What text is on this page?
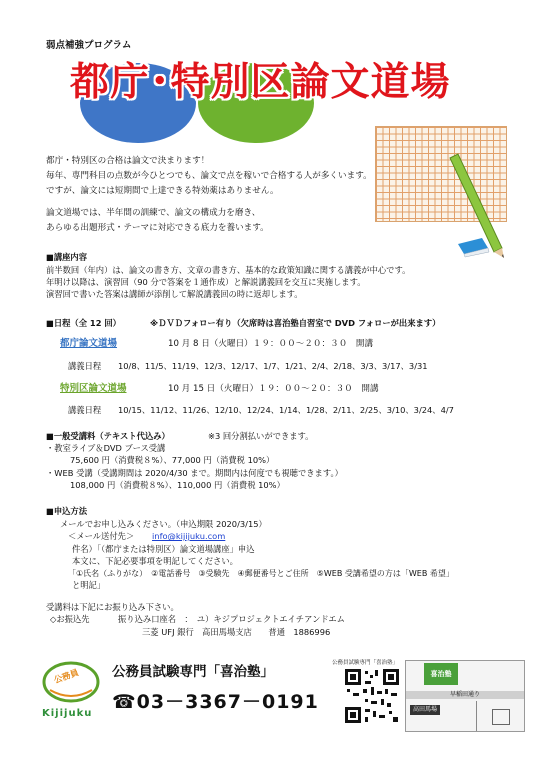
弱点補強プログラム
都庁･特別区論文道場
都庁・特別区の合格は論文で決まります！
毎年、専門科目の点数が今ひとつでも、論文で点を稼いで合格する人が多くいます。
ですが、論文には短期間で上達できる特効薬はありません。
論文道場では、半年間の訓練で、論文の構成力を磨き、
あらゆる出題形式・テーマに対応できる底力を養います。
■講座内容
前半数回（年内）は、論文の書き方、文章の書き方、基本的な政策知識に関する講義が中心です。
年明け以降は、演習回（90 分で答案を１通作成）と解説講義回を交互に実施します。
演習回で書いた答案は講師が添削して解説講義回の時に返却します。
■日程（全 12 回）	※ＤＶＤフォロー有り（欠席時は喜治塾自習室で DVD フォローが出来ます）
都庁論文道場	10 月 8 日（火曜日）１９：００～２０：３０　開講
講義日程 10/8、11/5、11/19、12/3、12/17、1/7、1/21、2/4、2/18、3/3、3/17、3/31
特別区論文道場	10 月 15 日（火曜日）１９：００～２０：３０　開講
講義日程 10/15、11/12、11/26、12/10、12/24、1/14、1/28、2/11、2/25、3/10、3/24、4/7
■一般受講料（テキスト代込み）	※3 回分割払いができます。
・教室ライブ＆DVD ブース受講
75,600 円（消費税８%）、77,000 円（消費税 10%）
・WEB 受講（受講期間は 2020/4/30 まで。期間内は何度でも視聴できます。）
108,000 円（消費税８%）、110,000 円（消費税 10%）
■申込方法
メールでお申し込みください。（申込期限 2020/3/15）
＜メール送付先＞ info@kijijuku.com
件名）「（都庁または特別区）論文道場講座」申込
本文に、下記必要事項を明記してください。
「①氏名（ふりがな）　②電話番号　③受験先　④郵便番号とご住所　⑤WEB 受講希望の方は「WEB 希望」
と明記」
受講料は下記にお振り込み下さい。
◇お振込先	振り込み口座名　：　ユ）キジプロジェクトエイチアンドエム
三菱 UFJ 銀行　高田馬場支店　　普通　1886996
公務員
Kijijuku
公務員試験専門「喜治塾」
☎03－3367－0191
公務員試験専門「喜治塾」
喜治塾
早稲田通り
高田馬場
